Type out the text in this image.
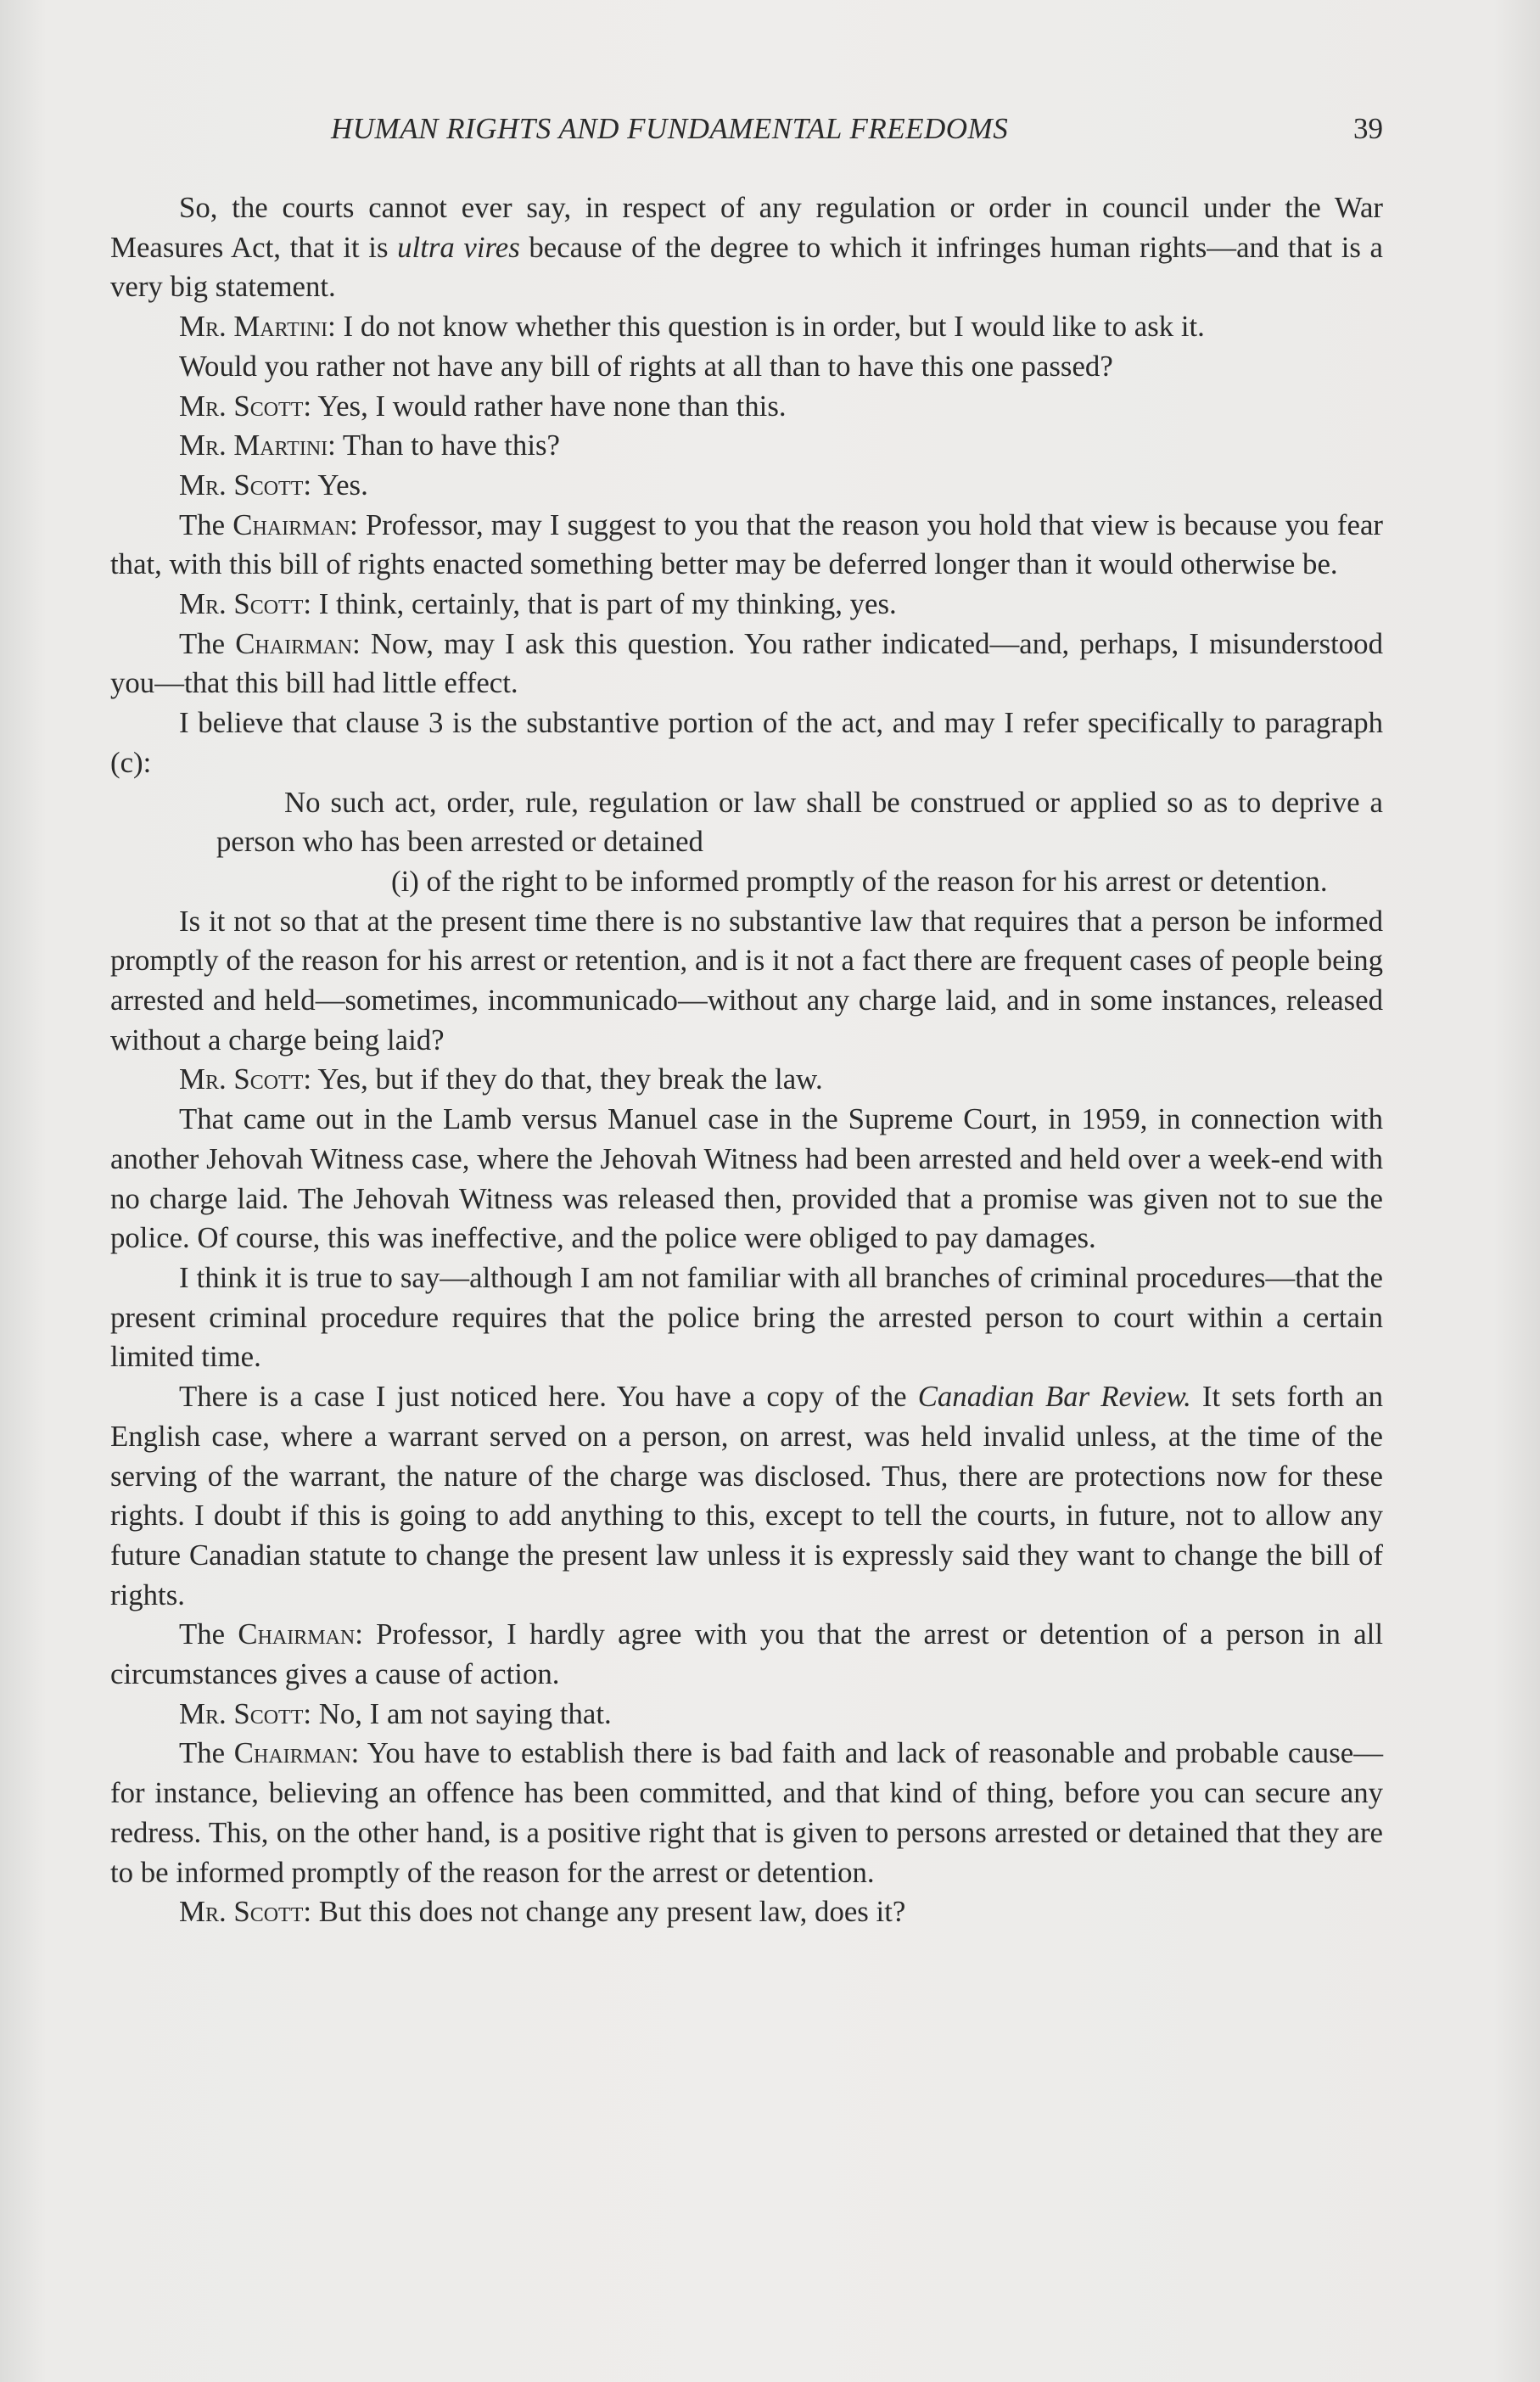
HUMAN RIGHTS AND FUNDAMENTAL FREEDOMS	39

So, the courts cannot ever say, in respect of any regulation or order in council under the War Measures Act, that it is ultra vires because of the degree to which it infringes human rights—and that is a very big statement.

Mr. Martini: I do not know whether this question is in order, but I would like to ask it.

Would you rather not have any bill of rights at all than to have this one passed?

Mr. Scott: Yes, I would rather have none than this.

Mr. Martini: Than to have this?

Mr. Scott: Yes.

The Chairman: Professor, may I suggest to you that the reason you hold that view is because you fear that, with this bill of rights enacted something better may be deferred longer than it would otherwise be.

Mr. Scott: I think, certainly, that is part of my thinking, yes.

The Chairman: Now, may I ask this question. You rather indicated—and, perhaps, I misunderstood you—that this bill had little effect.

I believe that clause 3 is the substantive portion of the act, and may I refer specifically to paragraph (c):

No such act, order, rule, regulation or law shall be construed or applied so as to deprive a person who has been arrested or detained

(i) of the right to be informed promptly of the reason for his arrest or detention.

Is it not so that at the present time there is no substantive law that requires that a person be informed promptly of the reason for his arrest or retention, and is it not a fact there are frequent cases of people being arrested and held—sometimes, incommunicado—without any charge laid, and in some instances, released without a charge being laid?

Mr. Scott: Yes, but if they do that, they break the law.

That came out in the Lamb versus Manuel case in the Supreme Court, in 1959, in connection with another Jehovah Witness case, where the Jehovah Witness had been arrested and held over a week-end with no charge laid. The Jehovah Witness was released then, provided that a promise was given not to sue the police. Of course, this was ineffective, and the police were obliged to pay damages.

I think it is true to say—although I am not familiar with all branches of criminal procedures—that the present criminal procedure requires that the police bring the arrested person to court within a certain limited time.

There is a case I just noticed here. You have a copy of the Canadian Bar Review. It sets forth an English case, where a warrant served on a person, on arrest, was held invalid unless, at the time of the serving of the warrant, the nature of the charge was disclosed. Thus, there are protections now for these rights. I doubt if this is going to add anything to this, except to tell the courts, in future, not to allow any future Canadian statute to change the present law unless it is expressly said they want to change the bill of rights.

The Chairman: Professor, I hardly agree with you that the arrest or detention of a person in all circumstances gives a cause of action.

Mr. Scott: No, I am not saying that.

The Chairman: You have to establish there is bad faith and lack of reasonable and probable cause—for instance, believing an offence has been committed, and that kind of thing, before you can secure any redress. This, on the other hand, is a positive right that is given to persons arrested or detained that they are to be informed promptly of the reason for the arrest or detention.

Mr. Scott: But this does not change any present law, does it?
